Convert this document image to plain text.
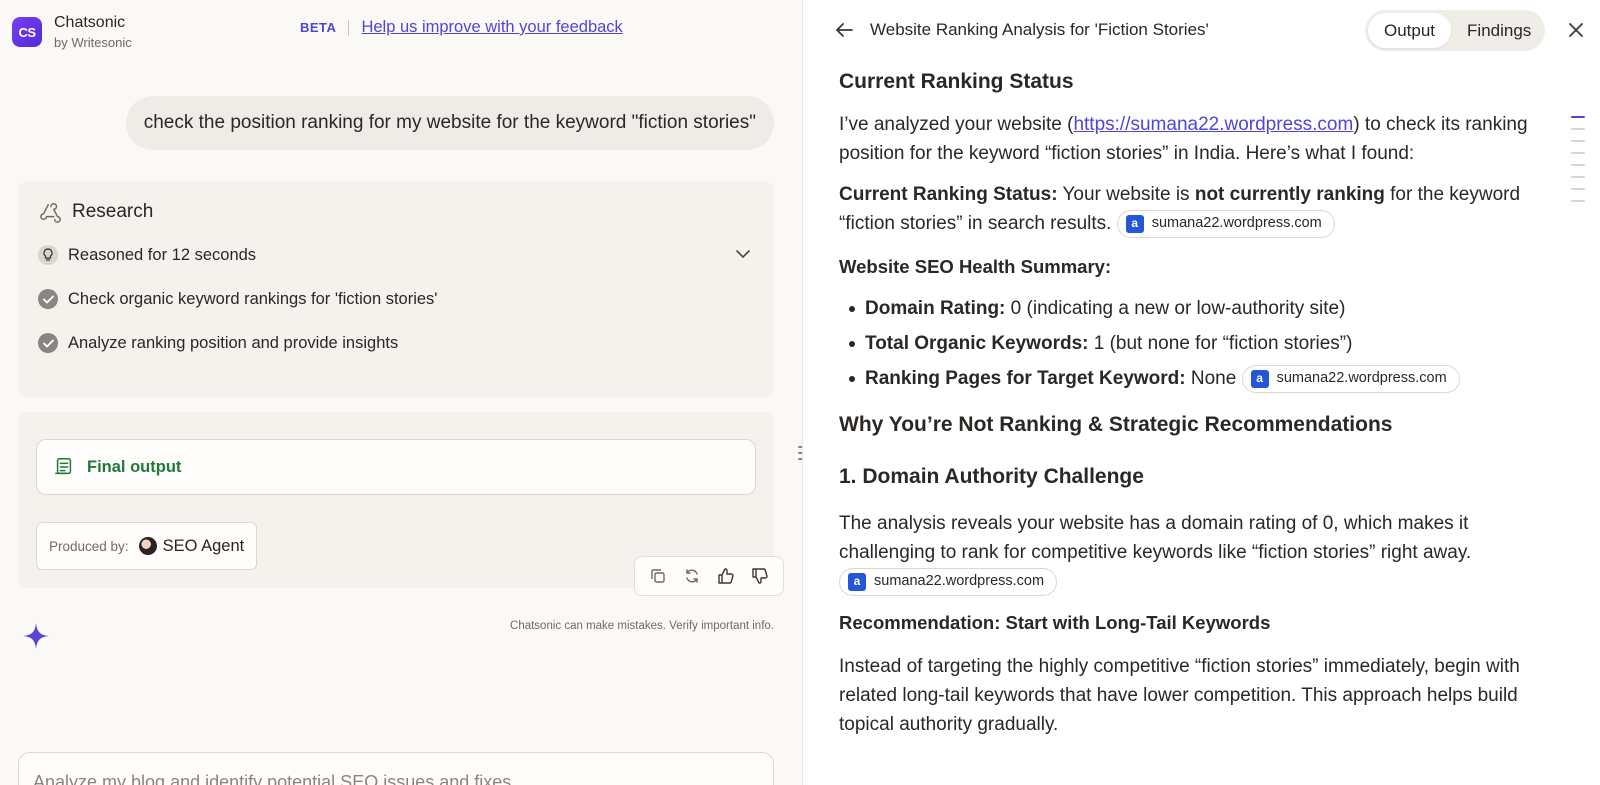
CS
Chatsonic
by Writesonic
BETA Help us improve with your feedback
check the position ranking for my website for the keyword "fiction stories"
Research
Reasoned for 12 seconds
Check organic keyword rankings for 'fiction stories'
Analyze ranking position and provide insights
Final output
Produced by: SEO Agent
Chatsonic can make mistakes. Verify important info.
Analyze my blog and identify potential SEO issues and fixes....
Website Ranking Analysis for 'Fiction Stories'	Output	Findings
Current Ranking Status

I’ve analyzed your website (https://sumana22.wordpress.com) to check its ranking position for the keyword “fiction stories” in India. Here’s what I found:

Current Ranking Status: Your website is not currently ranking for the keyword “fiction stories” in search results.	a sumana22.wordpress.com

Website SEO Health Summary:
Domain Rating: 0 (indicating a new or low-authority site)
Total Organic Keywords: 1 (but none for “fiction stories”)
Ranking Pages for Target Keyword: None	a sumana22.wordpress.com
Why You’re Not Ranking & Strategic Recommendations
1. Domain Authority Challenge

The analysis reveals your website has a domain rating of 0, which makes it challenging to rank for competitive keywords like “fiction stories” right away.

a sumana22.wordpress.com

Recommendation: Start with Long-Tail Keywords

Instead of targeting the highly competitive “fiction stories” immediately, begin with related long-tail keywords that have lower competition. This approach helps build topical authority gradually.
